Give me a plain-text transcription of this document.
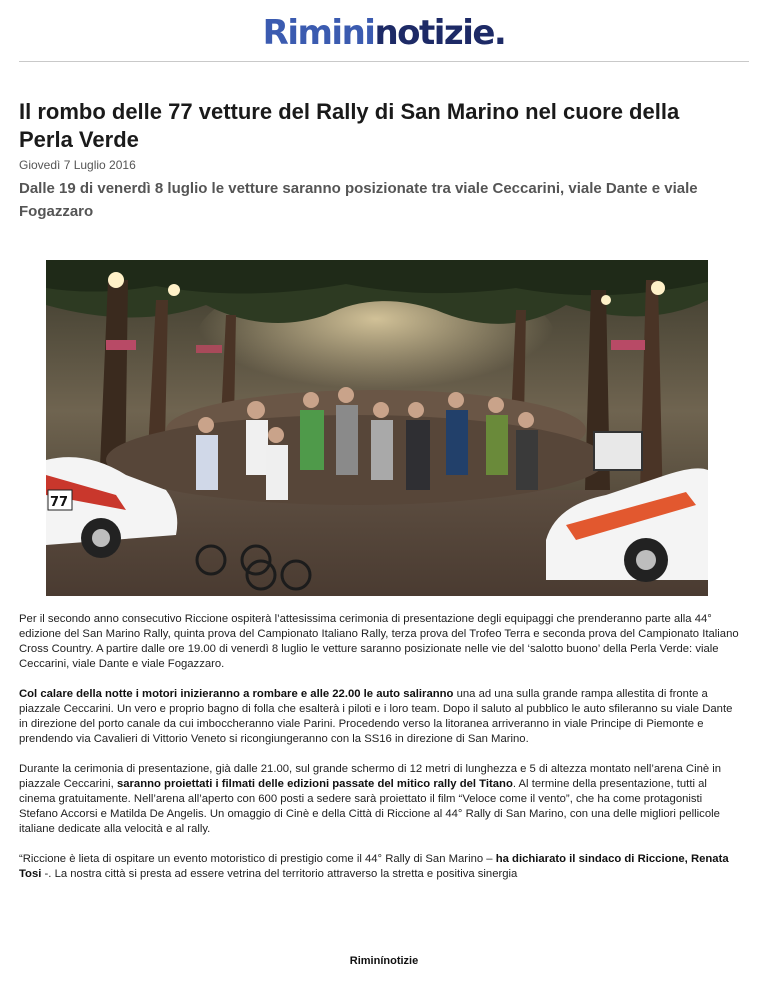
Rimininotizie.
Il rombo delle 77 vetture del Rally di San Marino nel cuore della Perla Verde
Giovedì 7 Luglio 2016
Dalle 19 di venerdì 8 luglio le vetture saranno posizionate tra viale Ceccarini, viale Dante e viale Fogazzaro
77

Per il secondo anno consecutivo Riccione ospiterà l’attesissima cerimonia di presentazione degli equipaggi che prenderanno parte alla 44° edizione del San Marino Rally, quinta prova del Campionato Italiano Rally, terza prova del Trofeo Terra e seconda prova del Campionato Italiano Cross Country. A partire dalle ore 19.00 di venerdì 8 luglio le vetture saranno posizionate nelle vie del ‘salotto buono’ della Perla Verde: viale Ceccarini, viale Dante e viale Fogazzaro.

Col calare della notte i motori inizieranno a rombare e alle 22.00 le auto saliranno una ad una sulla grande rampa allestita di fronte a piazzale Ceccarini. Un vero e proprio bagno di folla che esalterà i piloti e i loro team. Dopo il saluto al pubblico le auto sfileranno su viale Dante in direzione del porto canale da cui imboccheranno viale Parini. Procedendo verso la litoranea arriveranno in viale Principe di Piemonte e prendendo via Cavalieri di Vittorio Veneto si ricongiungeranno con la SS16 in direzione di San Marino.

Durante la cerimonia di presentazione, già dalle 21.00, sul grande schermo di 12 metri di lunghezza e 5 di altezza montato nell’arena Cinè in piazzale Ceccarini, saranno proiettati i filmati delle edizioni passate del mitico rally del Titano. Al termine della presentazione, tutti al cinema gratuitamente. Nell’arena all’aperto con 600 posti a sedere sarà proiettato il film “Veloce come il vento”, che ha come protagonisti Stefano Accorsi e Matilda De Angelis. Un omaggio di Cinè e della Città di Riccione al 44° Rally di San Marino, con una delle migliori pellicole italiane dedicate alla velocità e al rally.

“Riccione è lieta di ospitare un evento motoristico di prestigio come il 44° Rally di San Marino – ha dichiarato il sindaco di Riccione, Renata Tosi -. La nostra città si presta ad essere vetrina del territorio attraverso la stretta e positiva sinergia

Riminínotizie
